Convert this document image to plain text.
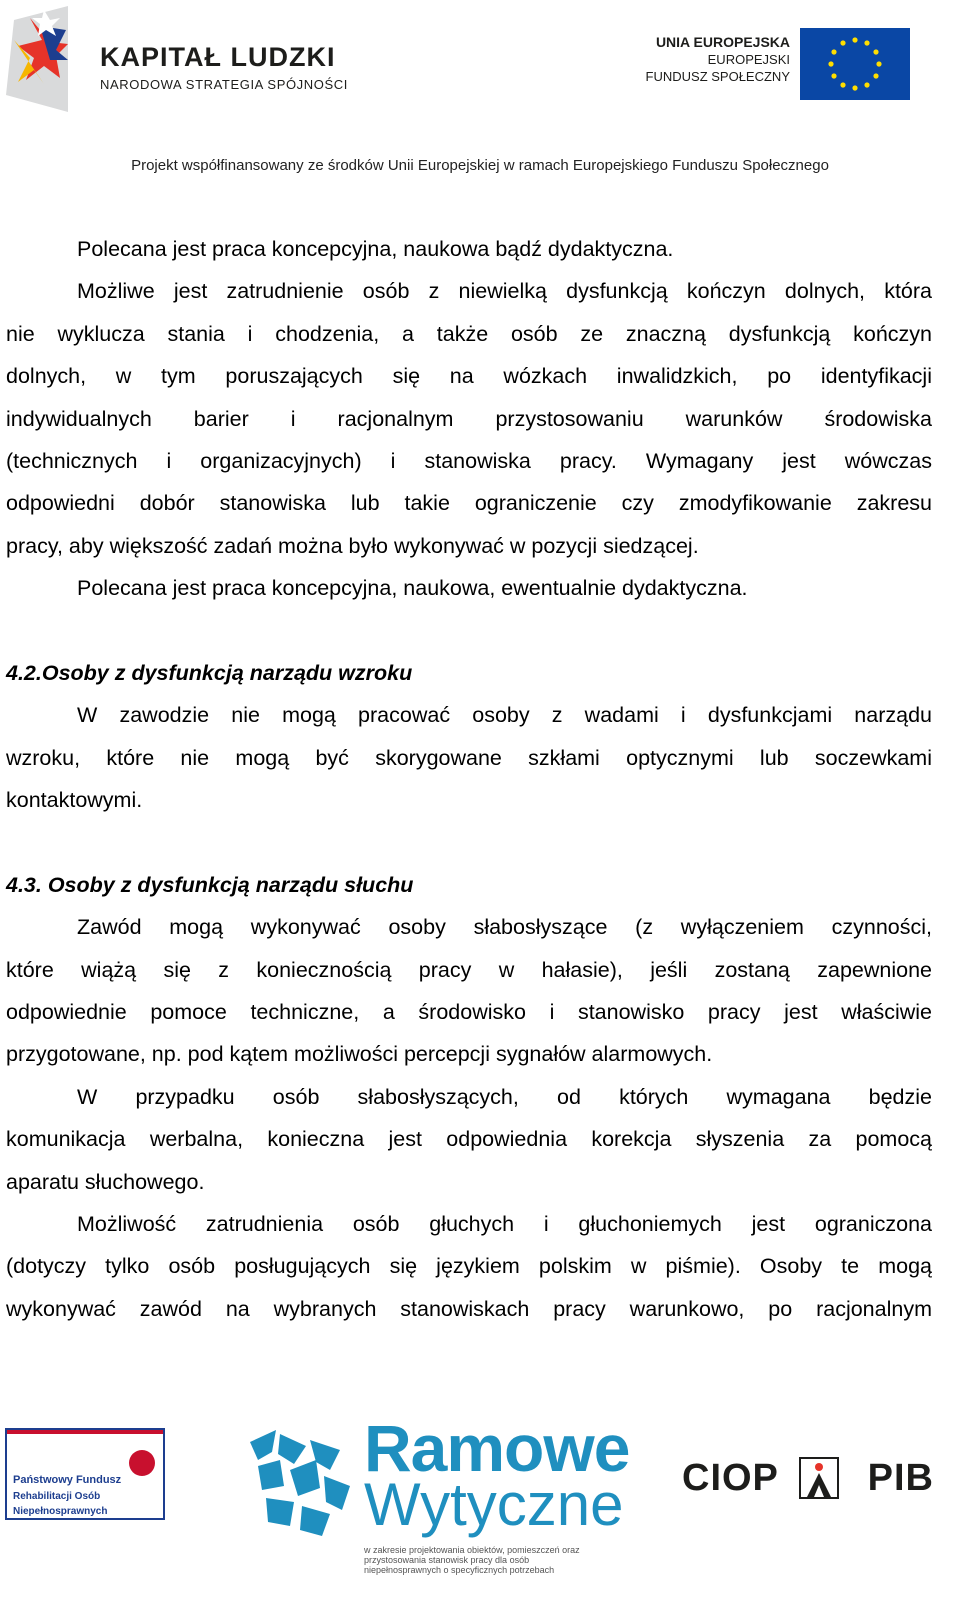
KAPITAŁ LUDZKI
NARODOWA STRATEGIA SPÓJNOŚCI
UNIA EUROPEJSKA
EUROPEJSKI
FUNDUSZ SPOŁECZNY
Projekt współfinansowany ze środków Unii Europejskiej w ramach Europejskiego Funduszu Społecznego
Polecana jest praca koncepcyjna, naukowa bądź dydaktyczna.
Możliwe jest zatrudnienie osób z niewielką dysfunkcją kończyn dolnych, która
nie wyklucza stania i chodzenia, a także osób ze znaczną dysfunkcją kończyn
dolnych, w tym poruszających się na wózkach inwalidzkich, po identyfikacji
indywidualnych barier i racjonalnym przystosowaniu warunków środowiska
(technicznych i organizacyjnych) i stanowiska pracy. Wymagany jest wówczas
odpowiedni dobór stanowiska lub takie ograniczenie czy zmodyfikowanie zakresu
pracy, aby większość zadań można było wykonywać w pozycji siedzącej.
Polecana jest praca koncepcyjna, naukowa, ewentualnie dydaktyczna.
4.2.Osoby z dysfunkcją narządu wzroku
W zawodzie nie mogą pracować osoby z wadami i dysfunkcjami narządu
wzroku, które nie mogą być skorygowane szkłami optycznymi lub soczewkami
kontaktowymi.
4.3. Osoby z dysfunkcją narządu słuchu
Zawód mogą wykonywać osoby słabosłyszące (z wyłączeniem czynności,
które wiążą się z koniecznością pracy w hałasie), jeśli zostaną zapewnione
odpowiednie pomoce techniczne, a środowisko i stanowisko pracy jest właściwie
przygotowane, np. pod kątem możliwości percepcji sygnałów alarmowych.
W przypadku osób słabosłyszących, od których wymagana będzie
komunikacja werbalna, konieczna jest odpowiednia korekcja słyszenia za pomocą
aparatu słuchowego.
Możliwość zatrudnienia osób głuchych i głuchoniemych jest ograniczona
(dotyczy tylko osób posługujących się językiem polskim w piśmie). Osoby te mogą
wykonywać zawód na wybranych stanowiskach pracy warunkowo, po racjonalnym
Państwowy Fundusz
Rehabilitacji Osób
Niepełnosprawnych
Ramowe
Wytyczne
w zakresie projektowania obiektów, pomieszczeń oraz przystosowania stanowisk pracy dla osób niepełnosprawnych o specyficznych potrzebach
CIOP PIB
